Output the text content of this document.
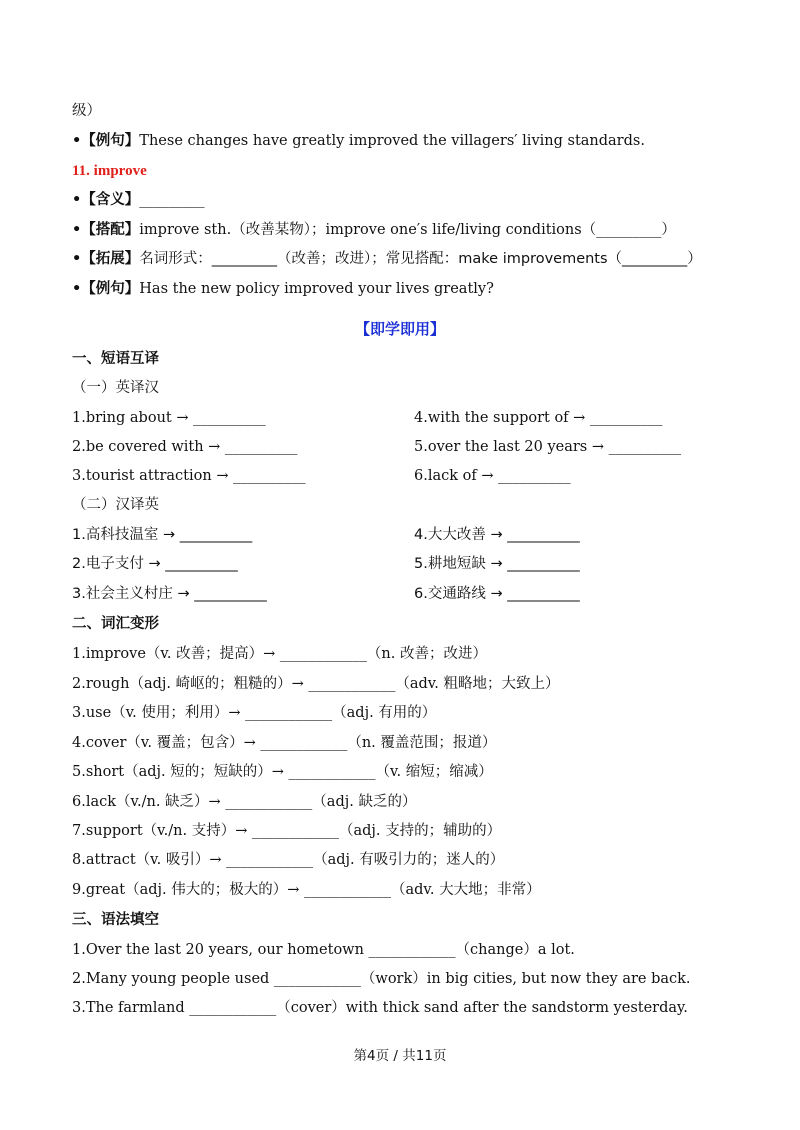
级）
•【例句】These changes have greatly improved the villagers′ living standards.
11. improve
•【含义】_________
•【搭配】improve sth.（改善某物）；improve one′s life/living conditions（_________）
•【拓展】名词形式：_________（改善；改进）；常见搭配：make improvements（_________）
•【例句】Has the new policy improved your lives greatly?
【即学即用】
一、短语互译
（一）英译汉
1.bring about → __________	4.with the support of → __________
2.be covered with → __________	5.over the last 20 years → __________
3.tourist attraction → __________	6.lack of → __________
（二）汉译英
1.高科技温室 → __________	4.大大改善 → __________
2.电子支付 → __________	5.耕地短缺 → __________
3.社会主义村庄 → __________	6.交通路线 → __________
二、词汇变形
1.improve（v. 改善；提高）→ ____________（n. 改善；改进）
2.rough（adj. 崎岖的；粗糙的）→ ____________（adv. 粗略地；大致上）
3.use（v. 使用；利用）→ ____________（adj. 有用的）
4.cover（v. 覆盖；包含）→ ____________（n. 覆盖范围；报道）
5.short（adj. 短的；短缺的）→ ____________（v. 缩短；缩减）
6.lack（v./n. 缺乏）→ ____________（adj. 缺乏的）
7.support（v./n. 支持）→ ____________（adj. 支持的；辅助的）
8.attract（v. 吸引）→ ____________（adj. 有吸引力的；迷人的）
9.great（adj. 伟大的；极大的）→ ____________（adv. 大大地；非常）
三、语法填空
1.Over the last 20 years, our hometown ____________（change）a lot.
2.Many young people used ____________（work）in big cities, but now they are back.
3.The farmland ____________（cover）with thick sand after the sandstorm yesterday.
第4页 / 共11页
